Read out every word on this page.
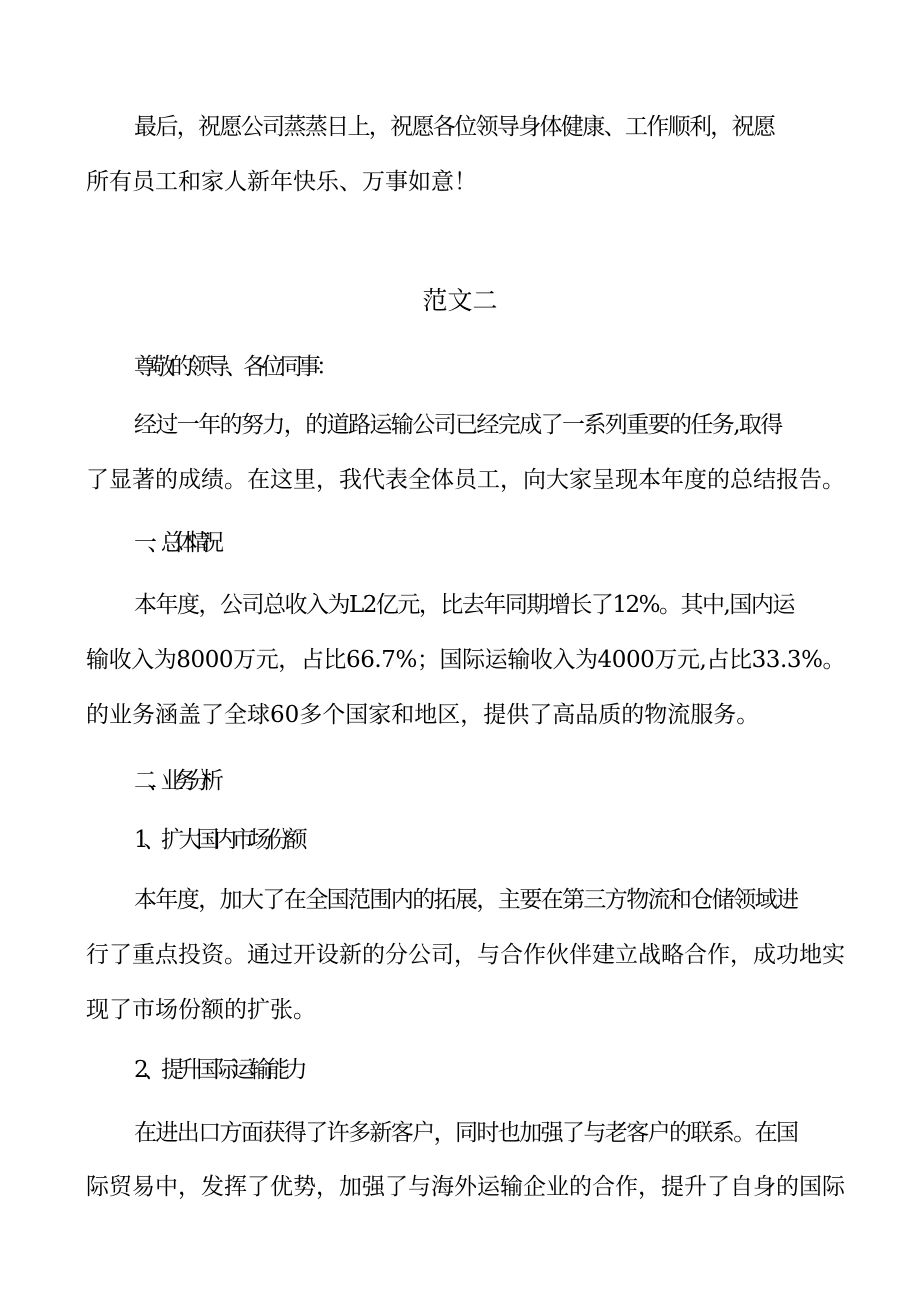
最后，祝愿公司蒸蒸日上，祝愿各位领导身体健康、工作顺利，祝愿
所有员工和家人新年快乐、万事如意！
范文二
尊敬的领导、各位同事：
经过一年的努力，的道路运输公司已经完成了一系列重要的任务,取得
了显著的成绩。在这里，我代表全体员工，向大家呈现本年度的总结报告。
一、总体情况
本年度，公司总收入为L2亿元，比去年同期增长了12%。其中,国内运
输收入为8000万元，占比66.7%；国际运输收入为4000万元,占比33.3%。
的业务涵盖了全球60多个国家和地区，提供了高品质的物流服务。
二、业务分析
1、扩大国内市场份额
本年度，加大了在全国范围内的拓展，主要在第三方物流和仓储领域进
行了重点投资。通过开设新的分公司，与合作伙伴建立战略合作，成功地实
现了市场份额的扩张。
2、提升国际运输能力
在进出口方面获得了许多新客户，同时也加强了与老客户的联系。在国
际贸易中，发挥了优势，加强了与海外运输企业的合作，提升了自身的国际
